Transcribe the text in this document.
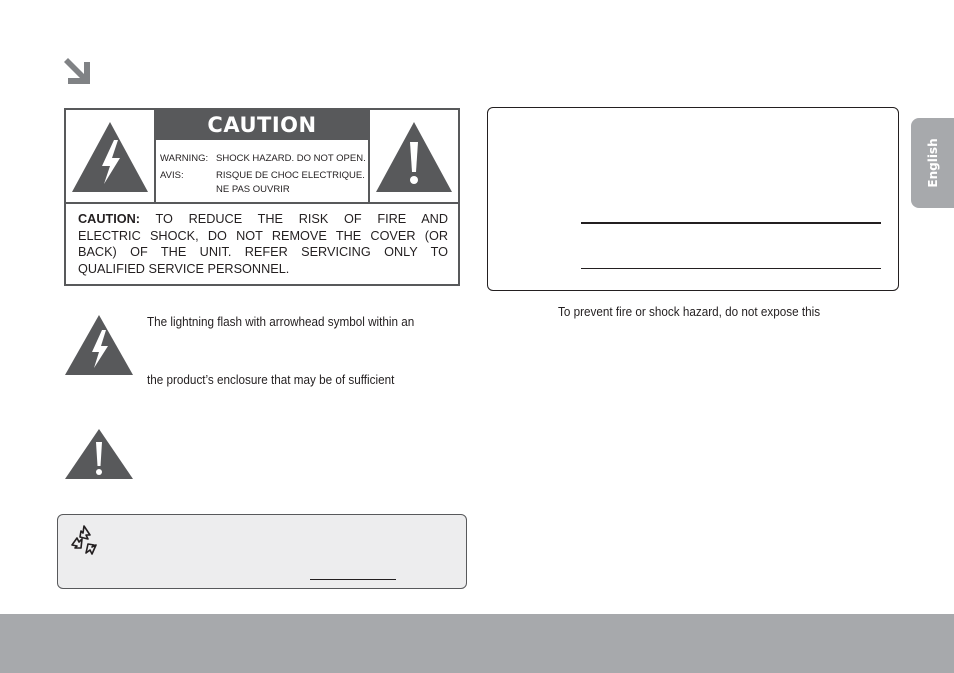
CAUTION
WARNING: SHOCK HAZARD. DO NOT OPEN.
AVIS:	RISQUE DE CHOC ELECTRIQUE.
NE PAS OUVRIR
CAUTION: TO REDUCE THE RISK OF FIRE AND
ELECTRIC SHOCK, DO NOT REMOVE THE COVER (OR
BACK) OF THE UNIT. REFER SERVICING ONLY TO
QUALIFIED SERVICE PERSONNEL.
The lightning flash with arrowhead symbol within an
the product’s enclosure that may be of sufficient
To prevent fire or shock hazard, do not expose this
English
